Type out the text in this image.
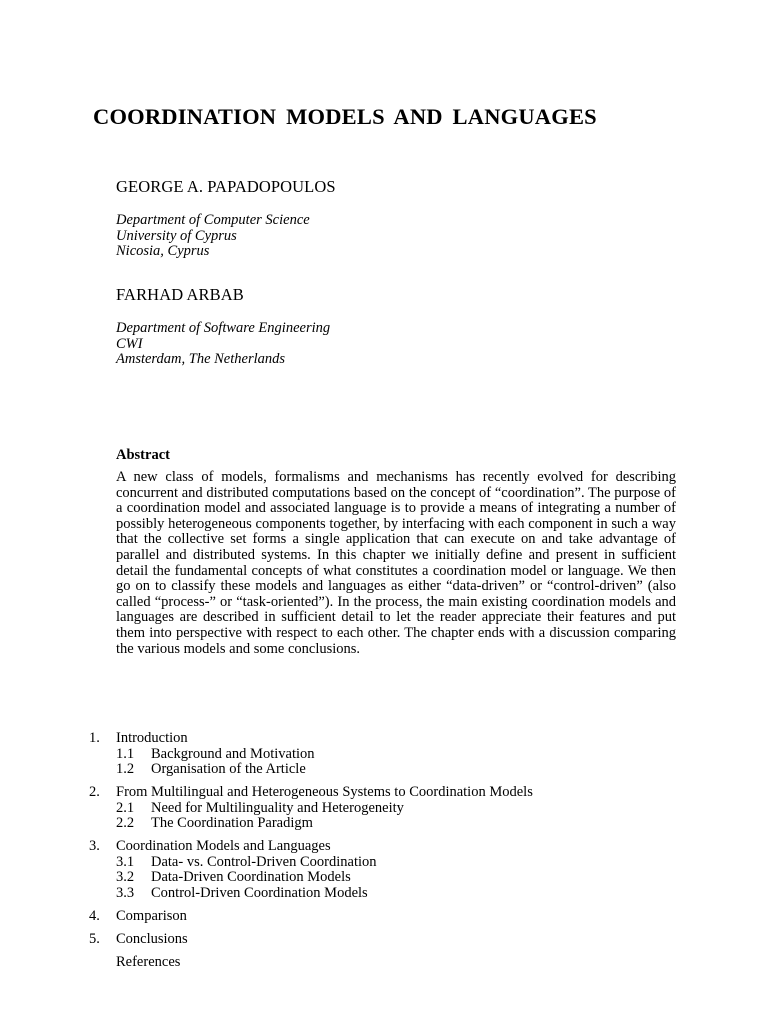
COORDINATION MODELS AND LANGUAGES
GEORGE A. PAPADOPOULOS
Department of Computer Science
University of Cyprus
Nicosia, Cyprus
FARHAD ARBAB
Department of Software Engineering
CWI
Amsterdam, The Netherlands
Abstract

A new class of models, formalisms and mechanisms has recently evolved for describing concurrent and distributed computations based on the concept of “coordination”. The purpose of a coordination model and associated language is to provide a means of integrating a number of possibly heterogeneous components together, by interfacing with each component in such a way that the collective set forms a single application that can execute on and take advantage of parallel and distributed systems. In this chapter we initially define and present in sufficient detail the fundamental concepts of what constitutes a coordination model or language. We then go on to classify these models and languages as either “data-driven” or “control-driven” (also called “process-” or “task-oriented”). In the process, the main existing coordination models and languages are described in sufficient detail to let the reader appreciate their features and put them into perspective with respect to each other. The chapter ends with a discussion comparing the various models and some conclusions.

1.	Introduction
1.1	Background and Motivation
1.2	Organisation of the Article
2.	From Multilingual and Heterogeneous Systems to Coordination Models
2.1	Need for Multilinguality and Heterogeneity
2.2	The Coordination Paradigm
3.	Coordination Models and Languages
3.1	Data- vs. Control-Driven Coordination
3.2	Data-Driven Coordination Models
3.3	Control-Driven Coordination Models
4.	Comparison
5.	Conclusions
References
